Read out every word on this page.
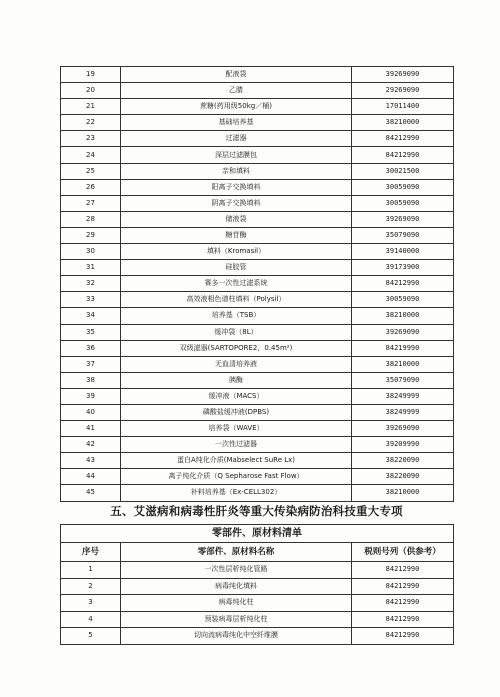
19	配液袋	39269090
20	乙腈	29269090
21	蔗糖(药用级50kg／桶)	17011400
22	基础培养基	38210000
23	过滤器	84212990
24	深层过滤膜包	84212990
25	亲和填料	30021500
26	阳离子交换填料	30059090
27	阴离子交换填料	30059090
28	储液袋	39269090
29	糖苷酶	35079090
30	填料（Kromasil）	39140000
31	硅胶管	39173900
32	赛多一次性过滤系统	84212990
33	高效液相色谱柱填料（Polysil）	30059090
34	培养基（TSB）	38210000
35	缓冲袋（8L）	39269090
36	双级滤器(SARTOPORE2，0.45m²)	84219990
37	无血清培养液	38210000
38	胰酶	35079090
39	缓冲液（MACS）	38249999
40	磷酸盐缓冲液(DPBS)	38249999
41	培养袋（WAVE）	39269090
42	一次性过滤器	39209990
43	蛋白A纯化介质(Mabselect SuRe Lx)	38220090
44	离子纯化介质（Q Sepharose Fast Flow）	38220090
45	补料培养基（Ex-CELL302）	38210000
五、艾滋病和病毒性肝炎等重大传染病防治科技重大专项
零部件、原材料清单		
序号	零部件、原材料名称	税则号列（供参考）
1	一次性层析纯化管路	84212990
2	病毒纯化填料	84212990
3	病毒纯化柱	84212990
4	预装病毒层析纯化柱	84212990
5	切向流病毒纯化中空纤维膜	84212990
